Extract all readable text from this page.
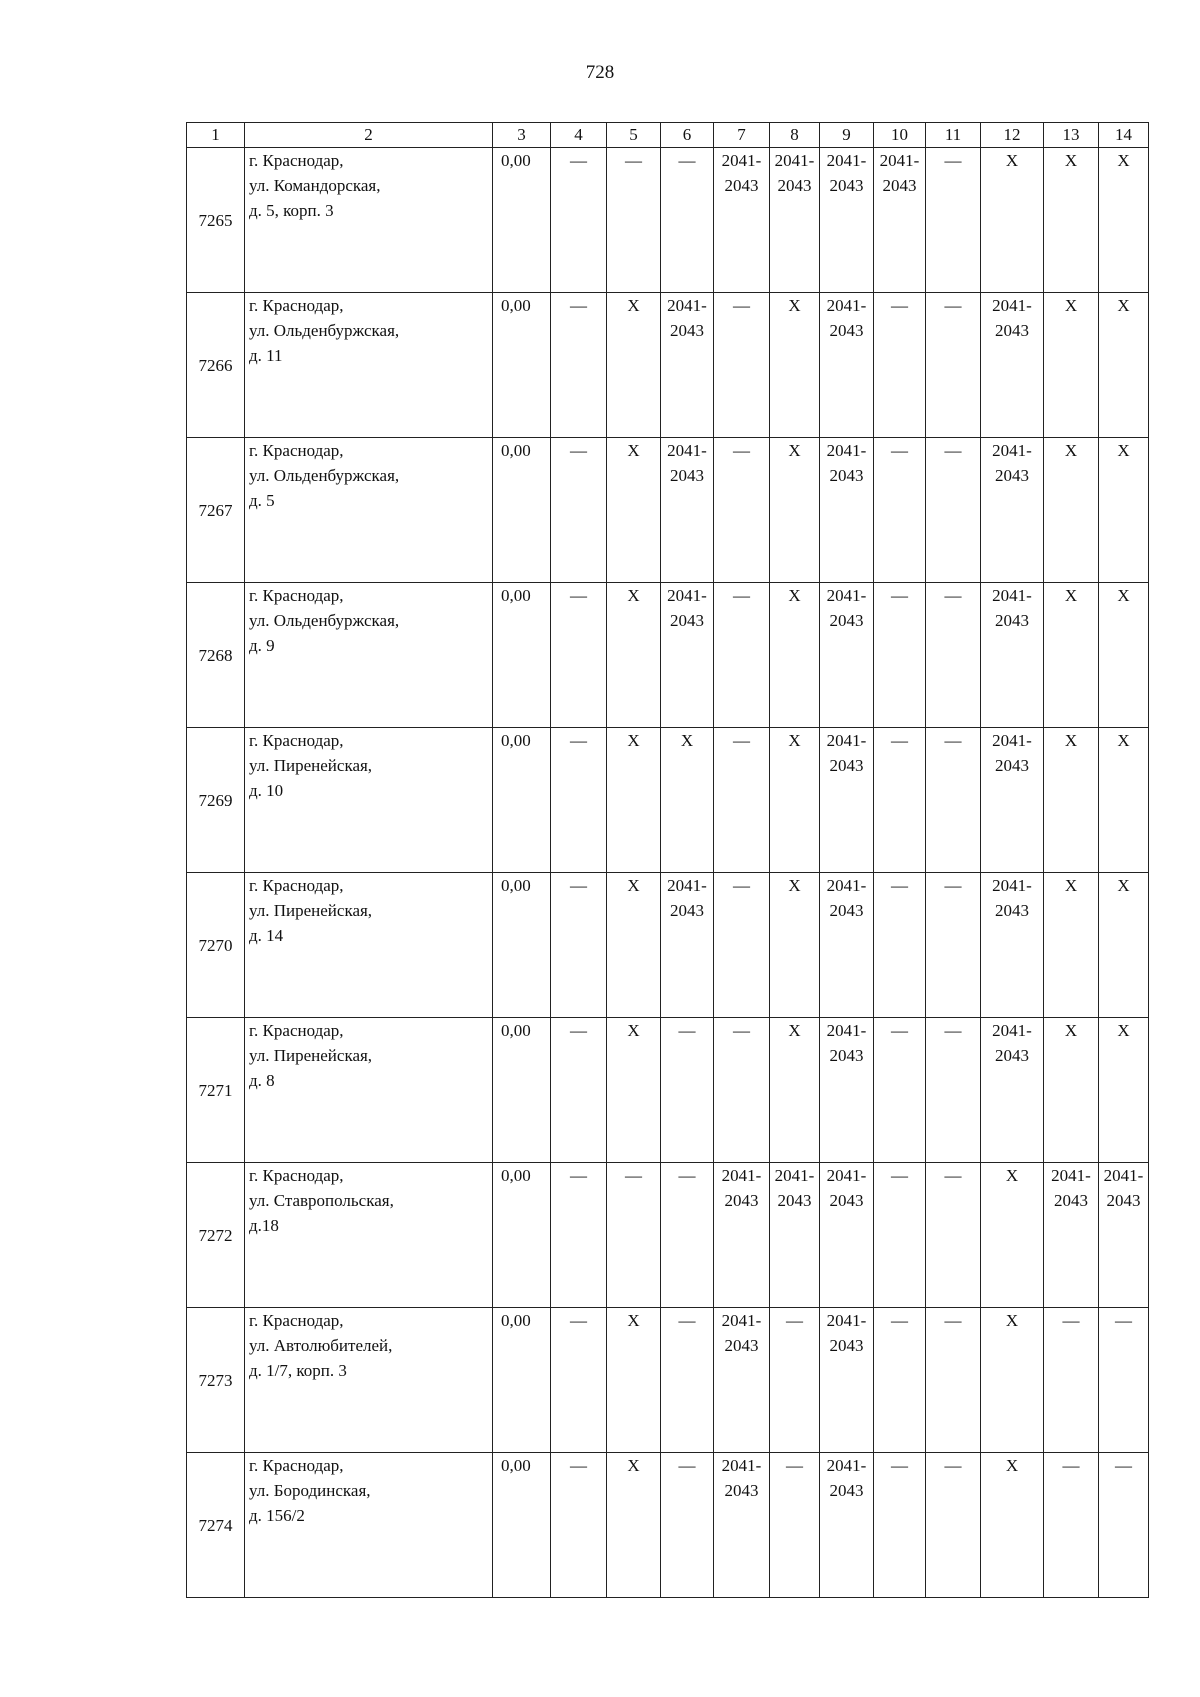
728
1	2	3	4	5	6	7	8	9	10	11	12	13	14
7265	г. Краснодар,
ул. Командорская,
д. 5, корп. 3	0,00	—	—	—	2041-
2043	2041-
2043	2041-
2043	2041-
2043	—	Х	Х	Х
7266	г. Краснодар,
ул. Ольденбуржская,
д. 11	0,00	—	Х	2041-
2043	—	Х	2041-
2043	—	—	2041-
2043	Х	Х
7267	г. Краснодар,
ул. Ольденбуржская,
д. 5	0,00	—	Х	2041-
2043	—	Х	2041-
2043	—	—	2041-
2043	Х	Х
7268	г. Краснодар,
ул. Ольденбуржская,
д. 9	0,00	—	Х	2041-
2043	—	Х	2041-
2043	—	—	2041-
2043	Х	Х
7269	г. Краснодар,
ул. Пиренейская,
д. 10	0,00	—	Х	Х	—	Х	2041-
2043	—	—	2041-
2043	Х	Х
7270	г. Краснодар,
ул. Пиренейская,
д. 14	0,00	—	Х	2041-
2043	—	Х	2041-
2043	—	—	2041-
2043	Х	Х
7271	г. Краснодар,
ул. Пиренейская,
д. 8	0,00	—	Х	—	—	Х	2041-
2043	—	—	2041-
2043	Х	Х
7272	г. Краснодар,
ул. Ставропольская,
д.18	0,00	—	—	—	2041-
2043	2041-
2043	2041-
2043	—	—	Х	2041-
2043	2041-
2043
7273	г. Краснодар,
ул. Автолюбителей,
д. 1/7, корп. 3	0,00	—	Х	—	2041-
2043	—	2041-
2043	—	—	Х	—	—
7274	г. Краснодар,
ул. Бородинская,
д. 156/2	0,00	—	Х	—	2041-
2043	—	2041-
2043	—	—	Х	—	—
